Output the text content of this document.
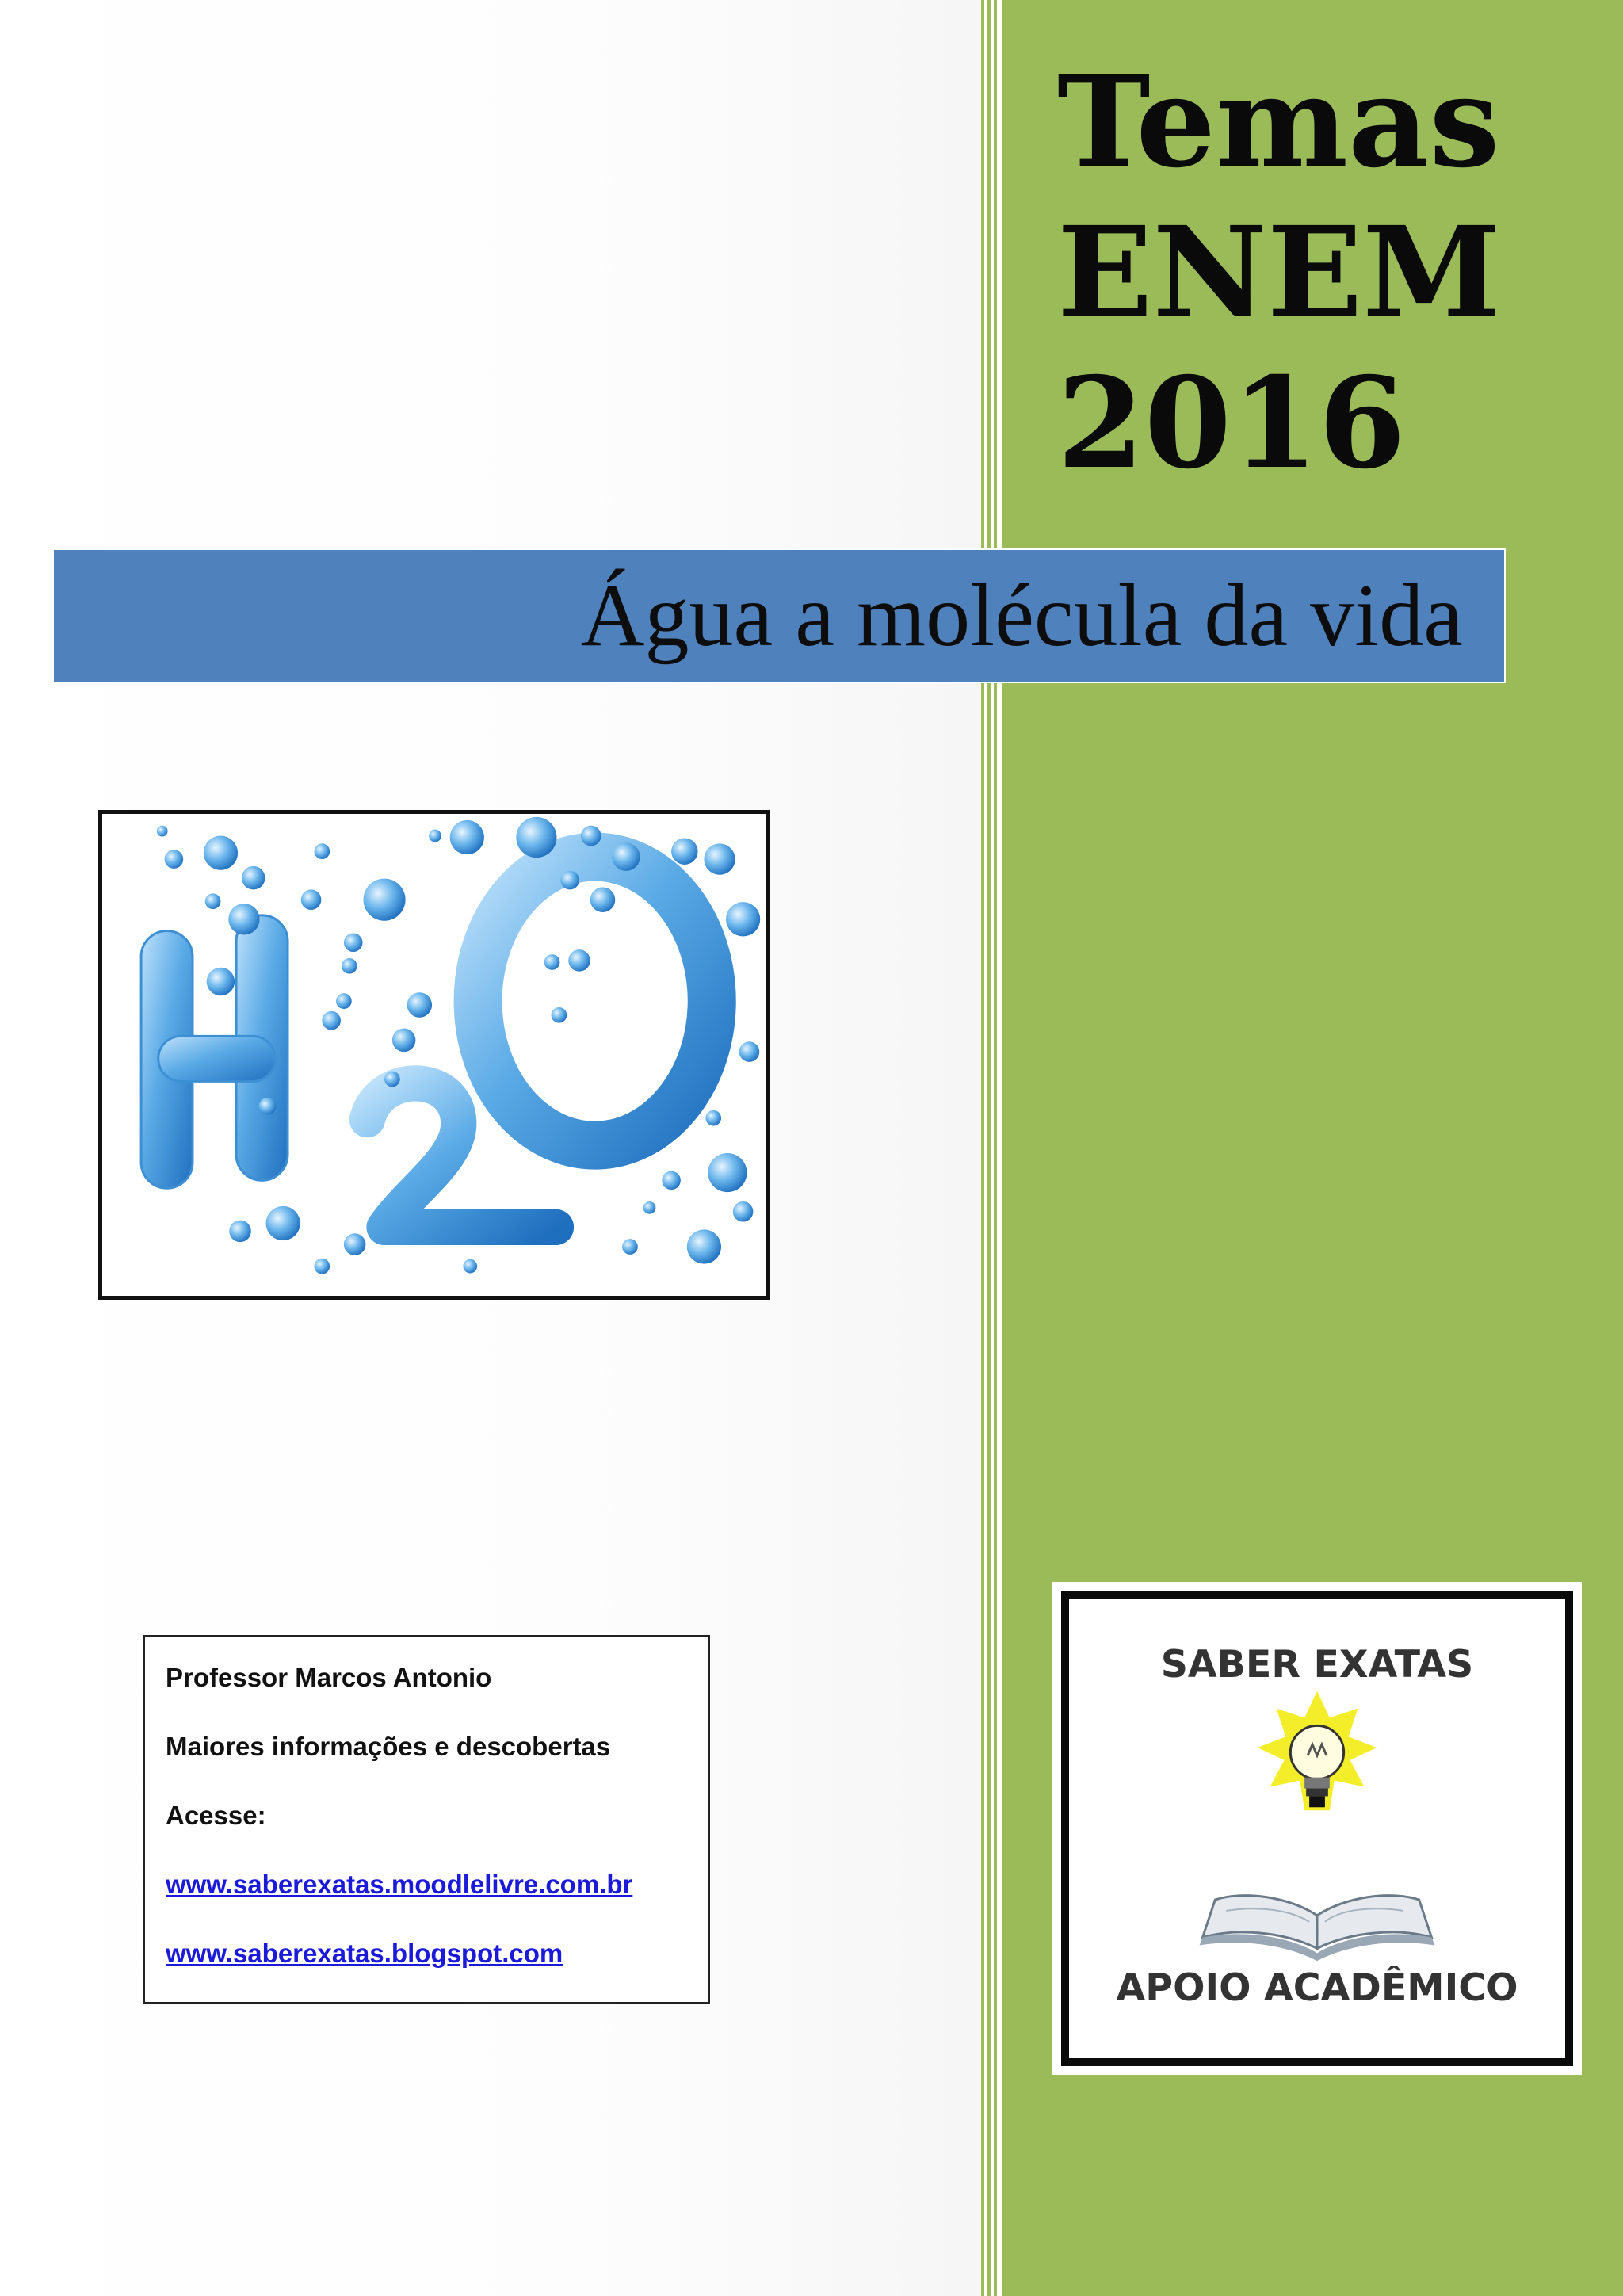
Temas
ENEM
2016
Água a molécula da vida
Professor Marcos Antonio
Maiores informações e descobertas
Acesse:
www.saberexatas.moodlelivre.com.br
www.saberexatas.blogspot.com
SABER EXATAS
APOIO ACADÊMICO
